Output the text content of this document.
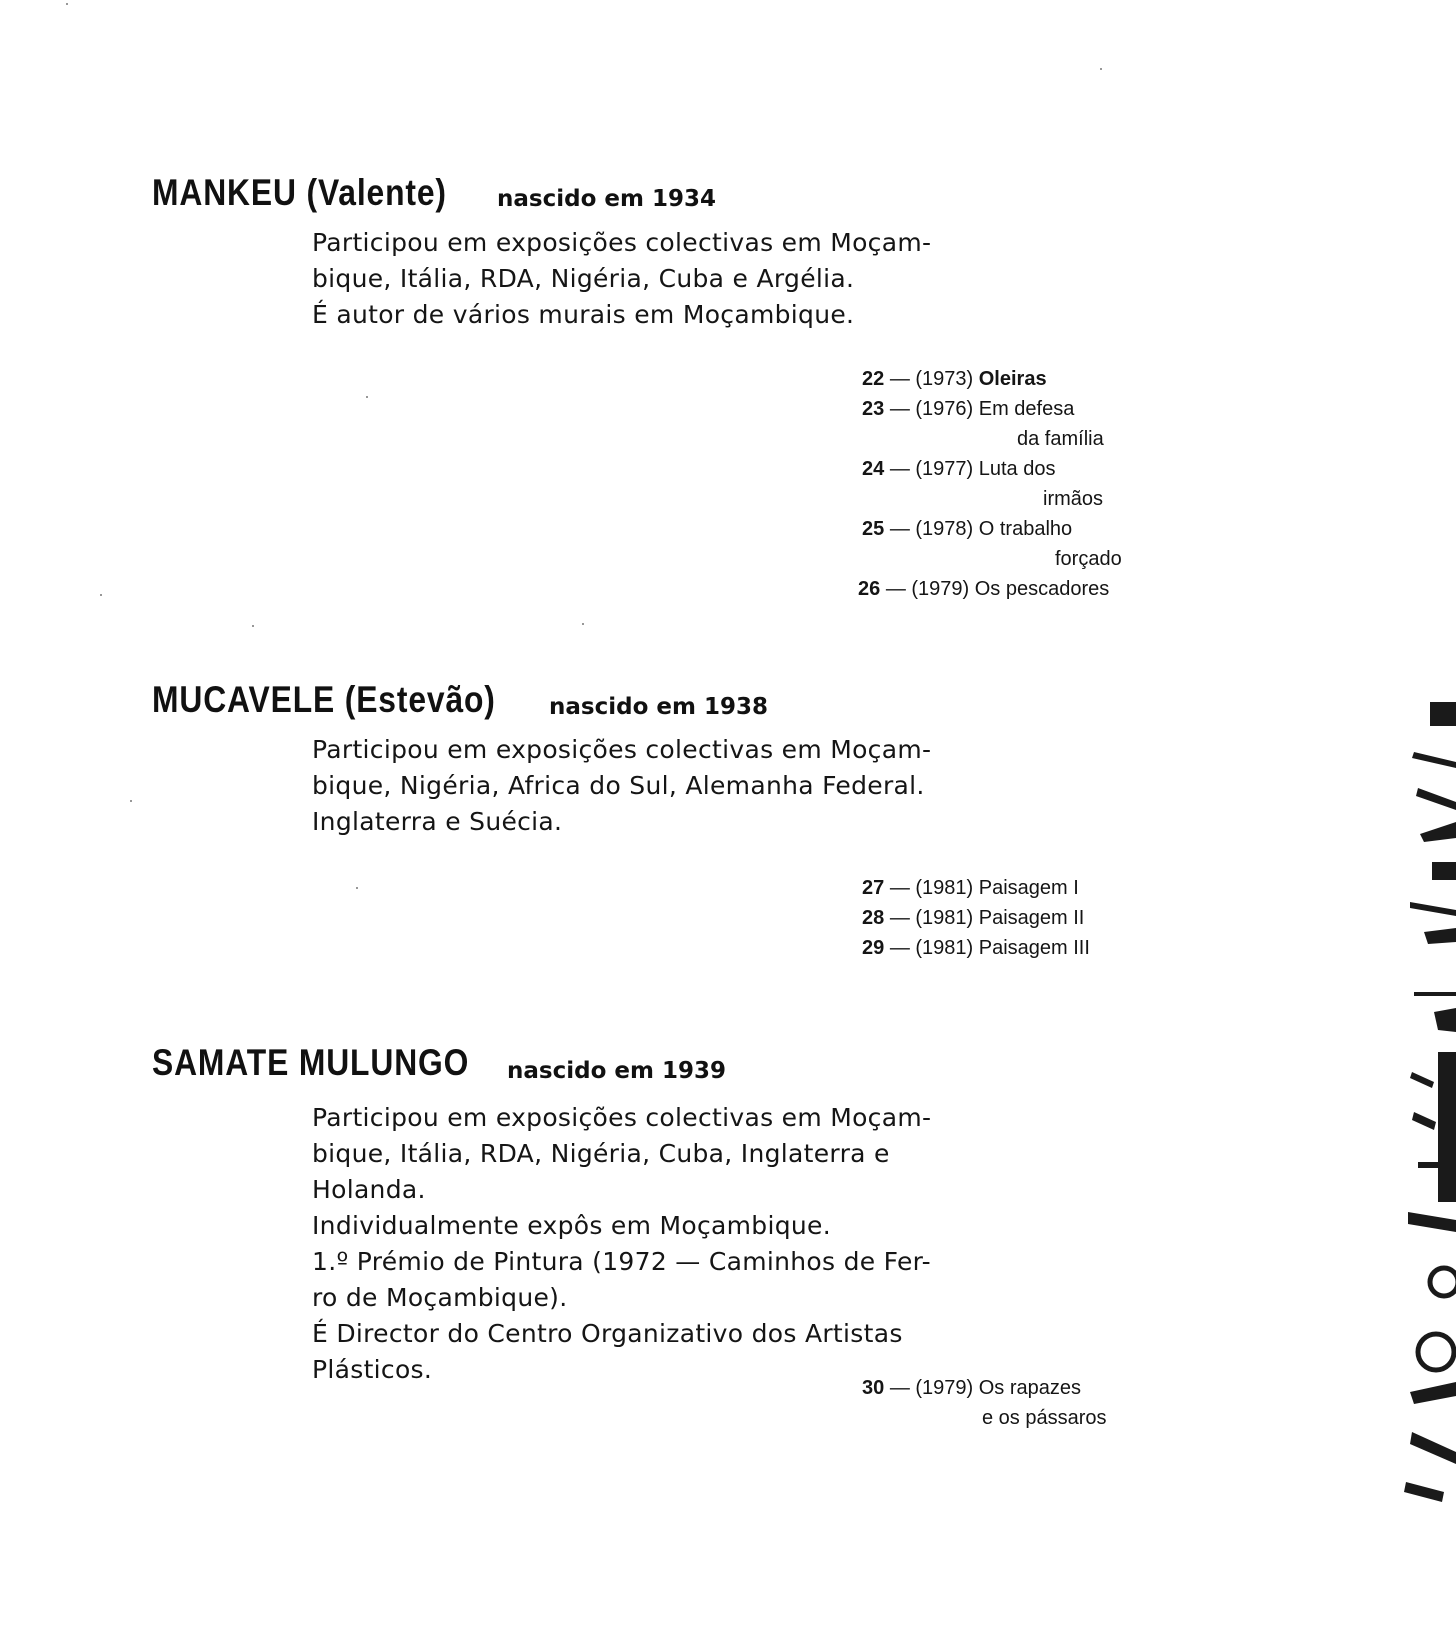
MANKEU (Valente) nascido em 1934
Participou em exposições colectivas em Moçam-
bique, Itália, RDA, Nigéria, Cuba e Argélia.
É autor de vários murais em Moçambique.
22 — (1973) Oleiras
23 — (1976) Em defesa
da família
24 — (1977) Luta dos
irmãos
25 — (1978) O trabalho
forçado
26 — (1979) Os pescadores
MUCAVELE (Estevão) nascido em 1938
Participou em exposições colectivas em Moçam-
bique, Nigéria, Africa do Sul, Alemanha Federal.
Inglaterra e Suécia.
27 — (1981) Paisagem I
28 — (1981) Paisagem II
29 — (1981) Paisagem III
SAMATE MULUNGO nascido em 1939
Participou em exposições colectivas em Moçam-
bique, Itália, RDA, Nigéria, Cuba, Inglaterra e
Holanda.
Individualmente expôs em Moçambique.
1.º Prémio de Pintura (1972 — Caminhos de Fer-
ro de Moçambique).
É Director do Centro Organizativo dos Artistas
Plásticos.
30 — (1979) Os rapazes
e os pássaros
